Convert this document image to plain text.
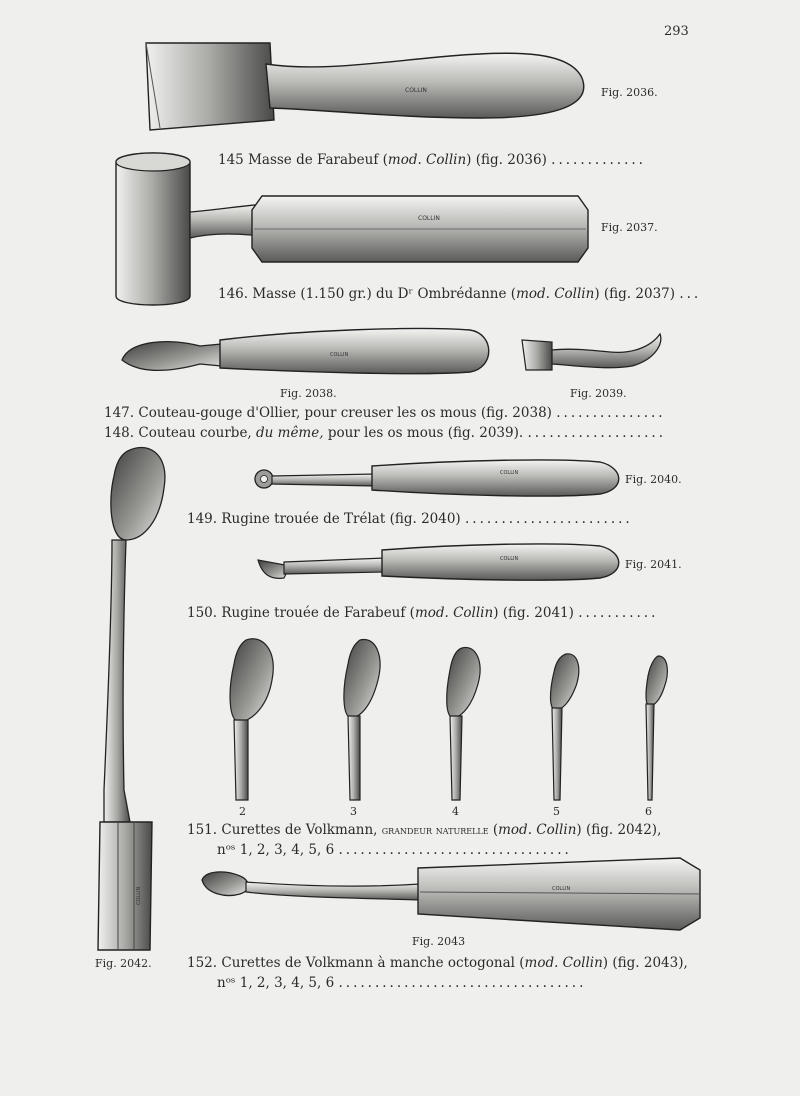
293
COLLIN
COLLIN
COLLIN
COLLIN
COLLIN
COLLIN	COLLIN
Fig. 2036.
Fig. 2037.
Fig. 2038.	Fig. 2039.
Fig. 2040.
Fig. 2041.
Fig. 2042.
Fig. 2043
2	3	4	5	6
145 Masse de Farabeuf (mod. Collin) (fig. 2036) .............
146. Masse (1.150 gr.) du Dʳ Ombrédanne (mod. Collin) (fig. 2037) ...
147. Couteau-gouge d'Ollier, pour creuser les os mous (fig. 2038) ...............
148. Couteau courbe, du même, pour les os mous (fig. 2039). ...................
149. Rugine trouée de Trélat (fig. 2040) .......................
150. Rugine trouée de Farabeuf (mod. Collin) (fig. 2041) ...........
151. Curettes de Volkmann, grandeur naturelle (mod. Collin) (fig. 2042),
nᵒˢ 1, 2, 3, 4, 5, 6 ................................
152. Curettes de Volkmann à manche octogonal (mod. Collin) (fig. 2043),
nᵒˢ 1, 2, 3, 4, 5, 6 ..................................
